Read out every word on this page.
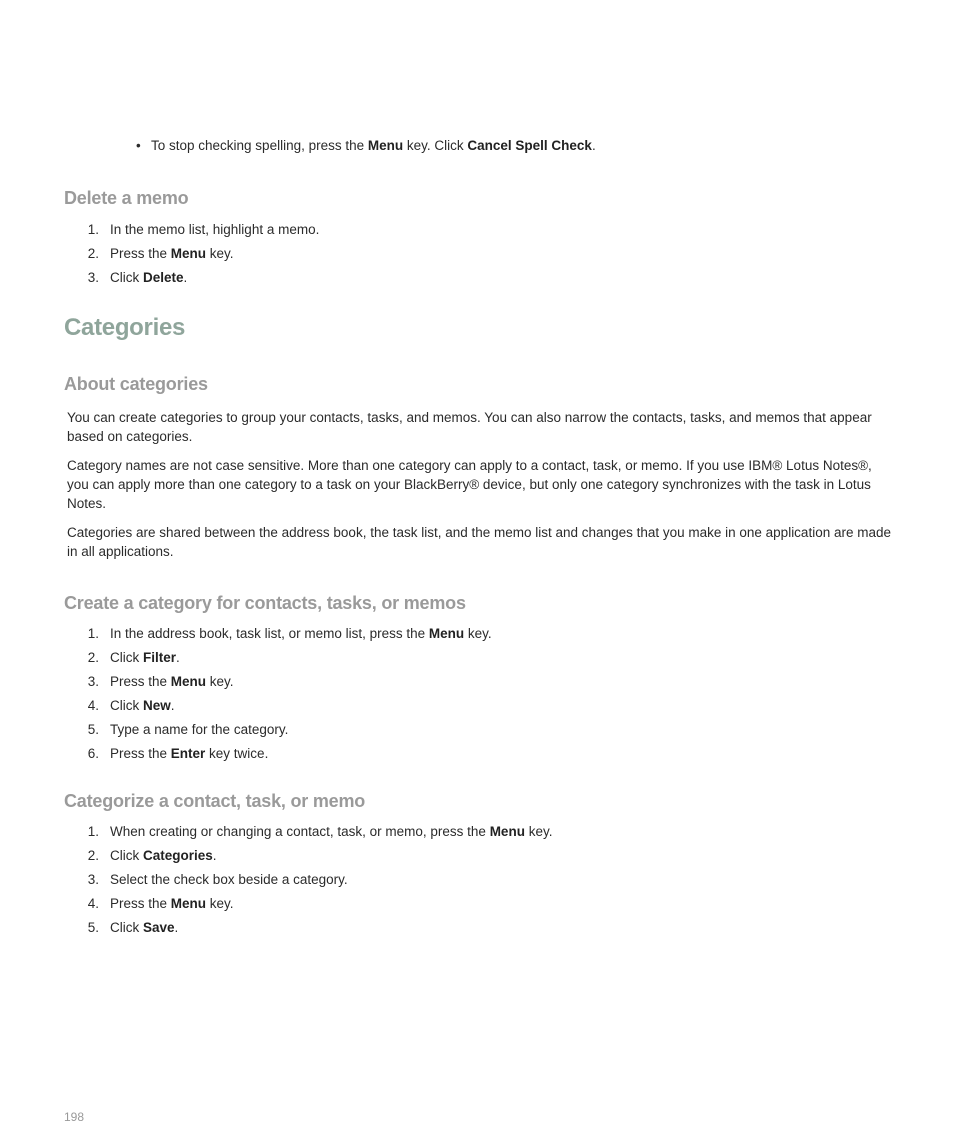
• To stop checking spelling, press the Menu key. Click Cancel Spell Check.
Delete a memo
1. In the memo list, highlight a memo.
2. Press the Menu key.
3. Click Delete.
Categories
About categories

You can create categories to group your contacts, tasks, and memos. You can also narrow the contacts, tasks, and memos that appear based on categories.

Category names are not case sensitive. More than one category can apply to a contact, task, or memo. If you use IBM® Lotus Notes®, you can apply more than one category to a task on your BlackBerry® device, but only one category synchronizes with the task in Lotus Notes.

Categories are shared between the address book, the task list, and the memo list and changes that you make in one application are made in all applications.

Create a category for contacts, tasks, or memos
1. In the address book, task list, or memo list, press the Menu key.
2. Click Filter.
3. Press the Menu key.
4. Click New.
5. Type a name for the category.
6. Press the Enter key twice.
Categorize a contact, task, or memo
1. When creating or changing a contact, task, or memo, press the Menu key.
2. Click Categories.
3. Select the check box beside a category.
4. Press the Menu key.
5. Click Save.
198
